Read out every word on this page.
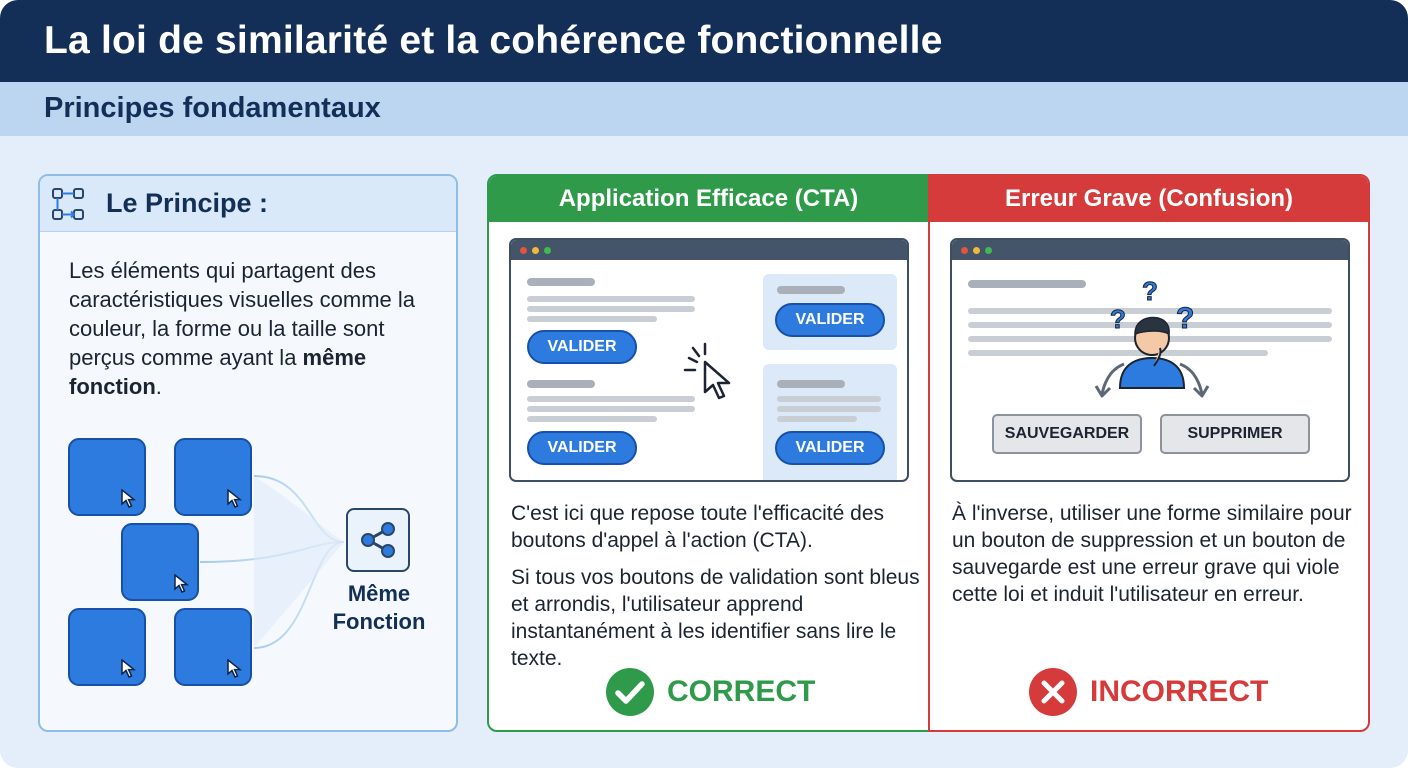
La loi de similarité et la cohérence fonctionnelle
Principes fondamentaux
Le Principe :

Les éléments qui partagent des caractéristiques visuelles comme la couleur, la forme ou la taille sont perçus comme ayant la même fonction.

Même
Fonction
Application Efficace (CTA)
VALIDER
VALIDER
VALIDER
VALIDER

C'est ici que repose toute l'efficacité des boutons d'appel à l'action (CTA).

Si tous vos boutons de validation sont bleus et arrondis, l'utilisateur apprend instantanément à les identifier sans lire le texte.

CORRECT
Erreur Grave (Confusion)
?
?
?
SAUVEGARDER	SUPPRIMER

À l'inverse, utiliser une forme similaire pour un bouton de suppression et un bouton de sauvegarde est une erreur grave qui viole cette loi et induit l'utilisateur en erreur.

INCORRECT
